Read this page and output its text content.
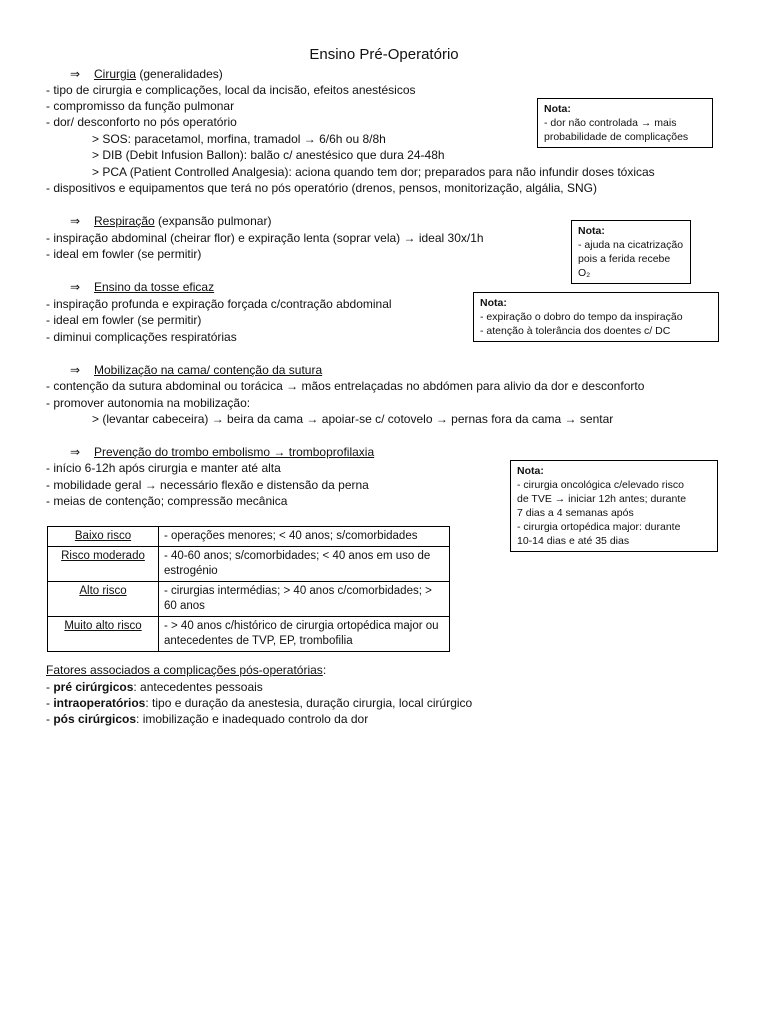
Ensino Pré-Operatório
⇒ Cirurgia (generalidades)
- tipo de cirurgia e complicações, local da incisão, efeitos anestésicos
- compromisso da função pulmonar
- dor/ desconforto no pós operatório
> SOS: paracetamol, morfina, tramadol → 6/6h ou 8/8h
> DIB (Debit Infusion Ballon): balão c/ anestésico que dura 24-48h
> PCA (Patient Controlled Analgesia): aciona quando tem dor; preparados para não infundir doses tóxicas
- dispositivos e equipamentos que terá no pós operatório (drenos, pensos, monitorização, algália, SNG)
Nota:
- dor não controlada → mais
probabilidade de complicações
⇒ Respiração (expansão pulmonar)
- inspiração abdominal (cheirar flor) e expiração lenta (soprar vela) → ideal 30x/1h
- ideal em fowler (se permitir)
Nota:
- ajuda na cicatrização
pois a ferida recebe O₂
⇒ Ensino da tosse eficaz
- inspiração profunda e expiração forçada c/contração abdominal
- ideal em fowler (se permitir)
- diminui complicações respiratórias
Nota:
- expiração o dobro do tempo da inspiração
- atenção à tolerância dos doentes c/ DC
⇒ Mobilização na cama/ contenção da sutura
- contenção da sutura abdominal ou torácica → mãos entrelaçadas no abdómen para alivio da dor e desconforto
- promover autonomia na mobilização:
> (levantar cabeceira) → beira da cama → apoiar-se c/ cotovelo → pernas fora da cama → sentar
⇒ Prevenção do trombo embolismo → tromboprofilaxia
- início 6-12h após cirurgia e manter até alta
- mobilidade geral → necessário flexão e distensão da perna
- meias de contenção; compressão mecânica
Nota:
- cirurgia oncológica c/elevado risco
de TVE → iniciar 12h antes; durante
7 dias a 4 semanas após
- cirurgia ortopédica major: durante
10-14 dias e até 35 dias
Baixo risco	- operações menores; < 40 anos; s/comorbidades
Risco moderado	- 40-60 anos; s/comorbidades; < 40 anos em uso de estrogénio
Alto risco	- cirurgias intermédias; > 40 anos c/comorbidades; > 60 anos
Muito alto risco	- > 40 anos c/histórico de cirurgia ortopédica major ou antecedentes de TVP, EP, trombofilia
Fatores associados a complicações pós-operatórias:
- pré cirúrgicos: antecedentes pessoais
- intraoperatórios: tipo e duração da anestesia, duração cirurgia, local cirúrgico
- pós cirúrgicos: imobilização e inadequado controlo da dor
